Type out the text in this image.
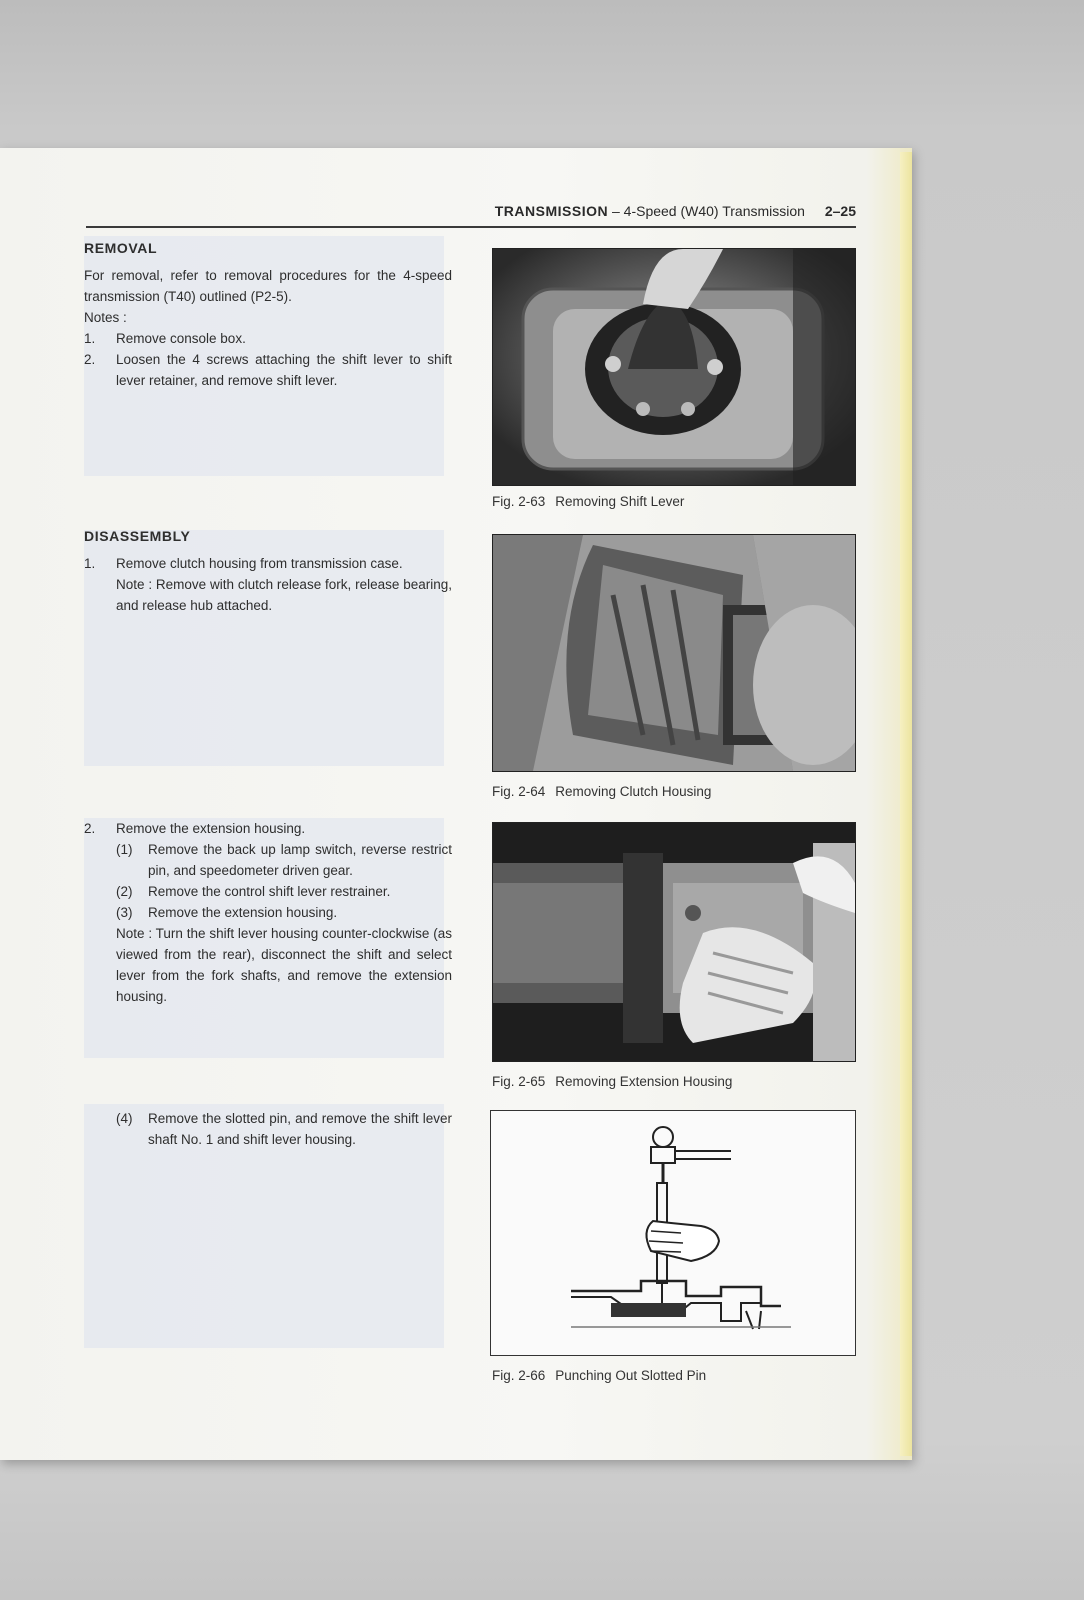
TRANSMISSION – 4-Speed (W40) Transmission 2–25
REMOVAL
For removal, refer to removal procedures for the 4-speed transmission (T40) outlined (P2-5).
Notes :
1.	Remove console box.
2.	Loosen the 4 screws attaching the shift lever to shift lever retainer, and remove shift lever.
DISASSEMBLY
1.	Remove clutch housing from transmission case.
Note : Remove with clutch release fork, release bearing, and release hub attached.
2.	Remove the extension housing.
(1)	Remove the back up lamp switch, reverse restrict pin, and speedometer driven gear.
(2)	Remove the control shift lever restrainer.
(3)	Remove the extension housing.
Note : Turn the shift lever housing counter-clockwise (as viewed from the rear), disconnect the shift and select lever from the fork shafts, and remove the extension housing.
(4)	Remove the slotted pin, and remove the shift lever shaft No. 1 and shift lever housing.
Fig. 2-63 Removing Shift Lever
Fig. 2-64 Removing Clutch Housing
Fig. 2-65 Removing Extension Housing
Fig. 2-66 Punching Out Slotted Pin
